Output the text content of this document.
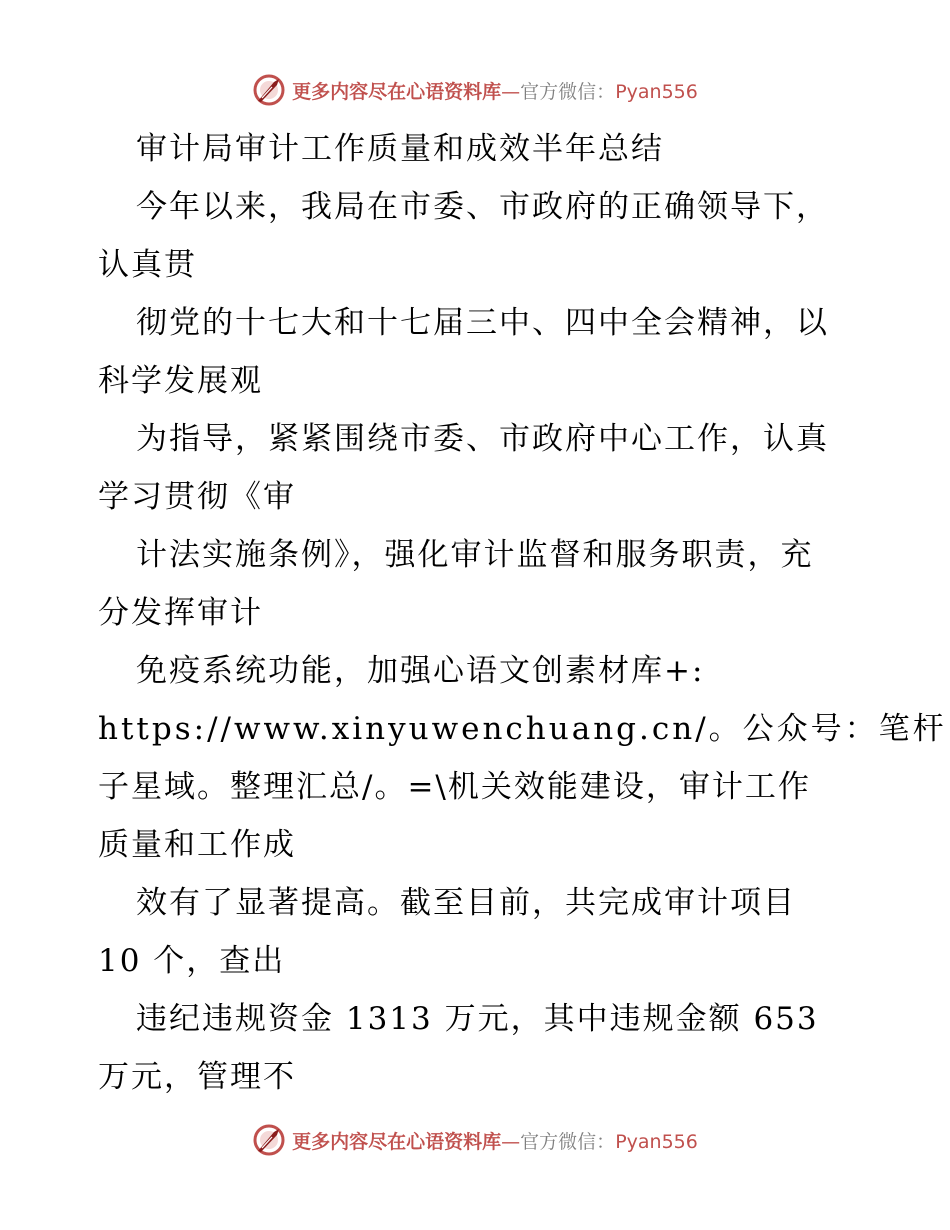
更多内容尽在心语资料库—官方微信：Pyan556
审计局审计工作质量和成效半年总结
今年以来，我局在市委、市政府的正确领导下，
认真贯
彻党的十七大和十七届三中、四中全会精神，以
科学发展观
为指导，紧紧围绕市委、市政府中心工作，认真
学习贯彻《审
计法实施条例》，强化审计监督和服务职责，充
分发挥审计
免疫系统功能，加强心语文创素材库+:
https://www.xinyuwenchuang.cn/。公众号：笔杆
子星域。整理汇总/。=\机关效能建设，审计工作
质量和工作成
效有了显著提高。截至目前，共完成审计项目
10 个，查出
违纪违规资金 1313 万元，其中违规金额 653
万元，管理不
更多内容尽在心语资料库—官方微信：Pyan556
